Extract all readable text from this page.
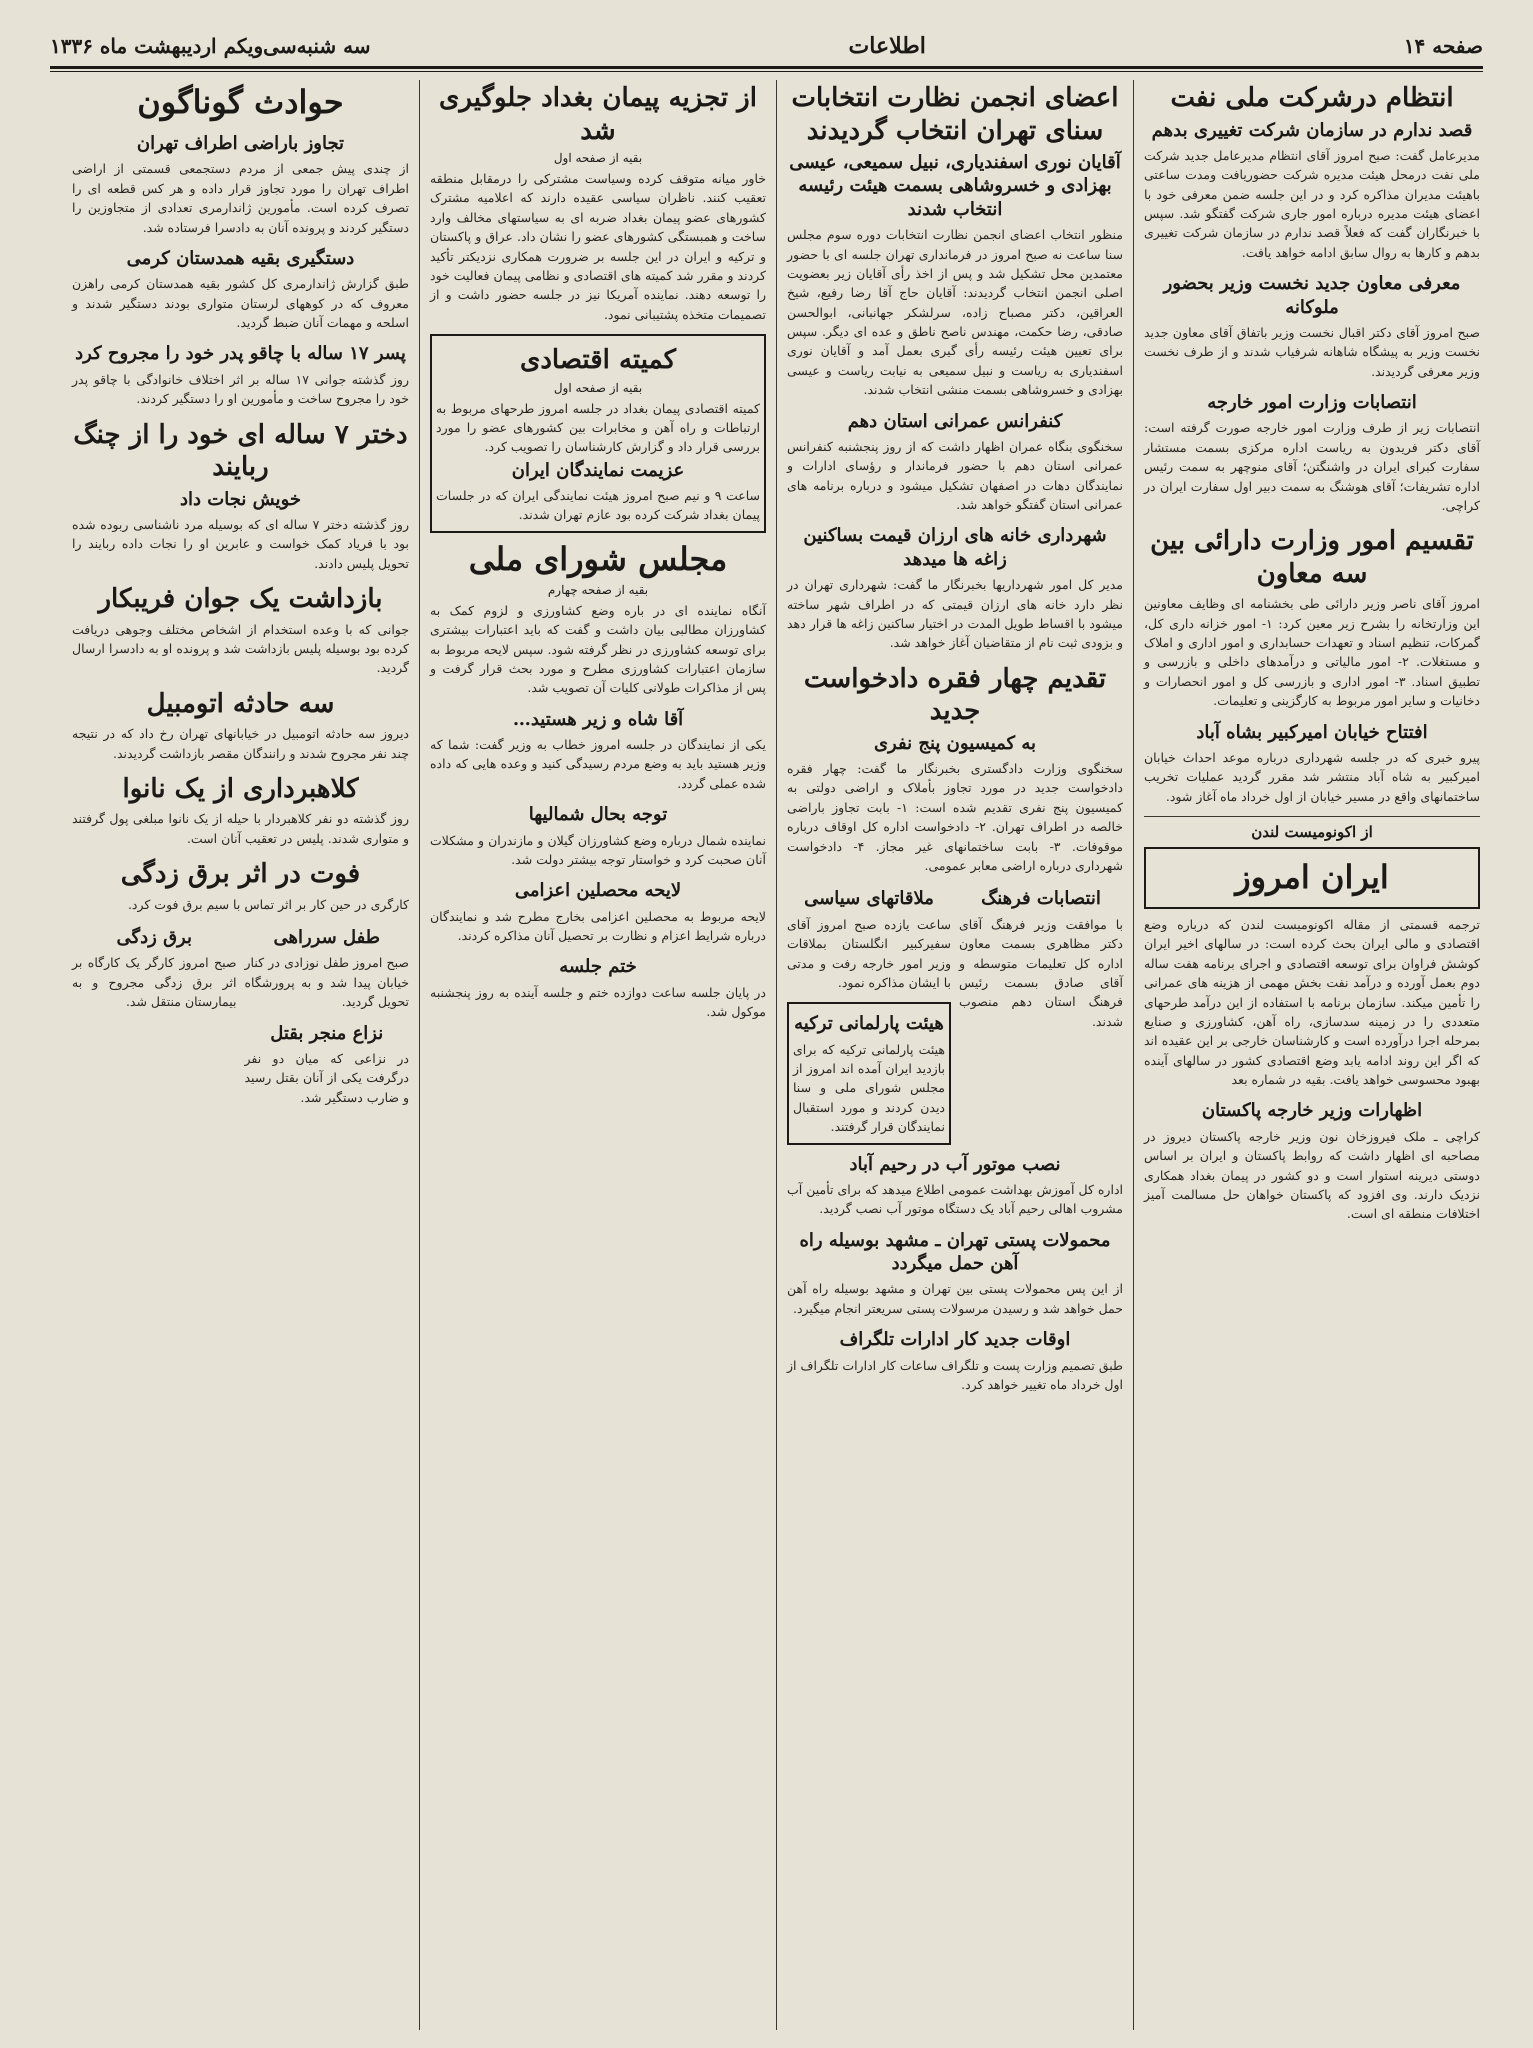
صفحه ۱۴
اطلاعات
سه شنبه‌سی‌ویکم اردیبهشت ماه ۱۳۳۶
انتظام درشرکت ملی نفت
قصد ندارم در سازمان شرکت تغییری بدهم

مدیرعامل گفت: صبح امروز آقای انتظام مدیرعامل جدید شرکت ملی نفت درمحل هیئت مدیره شرکت حضوریافت ومدت ساعتی باهیئت مدیران مذاکره کرد و در این جلسه ضمن معرفی خود با اعضای هیئت مدیره درباره امور جاری شرکت گفتگو شد. سپس با خبرنگاران گفت که فعلاً قصد ندارم در سازمان شرکت تغییری بدهم و کارها به روال سابق ادامه خواهد یافت.

معرفی معاون جدید نخست وزیر بحضور ملوکانه

صبح امروز آقای دکتر اقبال نخست وزیر باتفاق آقای معاون جدید نخست وزیر به پیشگاه شاهانه شرفیاب شدند و از طرف نخست وزیر معرفی گردیدند.

انتصابات وزارت امور خارجه

انتصابات زیر از طرف وزارت امور خارجه صورت گرفته است: آقای دکتر فریدون به ریاست اداره مرکزی بسمت مستشار سفارت کبرای ایران در واشنگتن؛ آقای منوچهر به سمت رئیس اداره تشریفات؛ آقای هوشنگ به سمت دبیر اول سفارت ایران در کراچی.

تقسیم امور وزارت دارائی بین سه معاون

امروز آقای ناصر وزیر دارائی طی بخشنامه ای وظایف معاونین این وزارتخانه را بشرح زیر معین کرد: ۱- امور خزانه داری کل، گمرکات، تنظیم اسناد و تعهدات حسابداری و امور اداری و املاک و مستغلات. ۲- امور مالیاتی و درآمدهای داخلی و بازرسی و تطبیق اسناد. ۳- امور اداری و بازرسی کل و امور انحصارات و دخانیات و سایر امور مربوط به کارگزینی و تعلیمات.

افتتاح خیابان امیرکبیر بشاه آباد

پیرو خبری که در جلسه شهرداری درباره موعد احداث خیابان امیرکبیر به شاه آباد منتشر شد مقرر گردید عملیات تخریب ساختمانهای واقع در مسیر خیابان از اول خرداد ماه آغاز شود.

از اکونومیست لندن
ایران امروز

ترجمه قسمتی از مقاله اکونومیست لندن که درباره وضع اقتصادی و مالی ایران بحث کرده است: در سالهای اخیر ایران کوشش فراوان برای توسعه اقتصادی و اجرای برنامه هفت ساله دوم بعمل آورده و درآمد نفت بخش مهمی از هزینه های عمرانی را تأمین میکند. سازمان برنامه با استفاده از این درآمد طرحهای متعددی را در زمینه سدسازی، راه آهن، کشاورزی و صنایع بمرحله اجرا درآورده است و کارشناسان خارجی بر این عقیده اند که اگر این روند ادامه یابد وضع اقتصادی کشور در سالهای آینده بهبود محسوسی خواهد یافت. بقیه در شماره بعد

اظهارات وزیر خارجه پاکستان

کراچی ـ ملک فیروزخان نون وزیر خارجه پاکستان دیروز در مصاحبه ای اظهار داشت که روابط پاکستان و ایران بر اساس دوستی دیرینه استوار است و دو کشور در پیمان بغداد همکاری نزدیک دارند. وی افزود که پاکستان خواهان حل مسالمت آمیز اختلافات منطقه ای است.

اعضای انجمن نظارت انتخابات سنای تهران انتخاب گردیدند
آقایان نوری اسفندیاری، نبیل سمیعی، عیسی بهزادی و خسروشاهی بسمت هیئت رئیسه انتخاب شدند

منظور انتخاب اعضای انجمن نظارت انتخابات دوره سوم مجلس سنا ساعت نه صبح امروز در فرمانداری تهران جلسه ای با حضور معتمدین محل تشکیل شد و پس از اخذ رأی آقایان زیر بعضویت اصلی انجمن انتخاب گردیدند: آقایان حاج آقا رضا رفیع، شیخ العراقین، دکتر مصباح زاده، سرلشکر جهانبانی، ابوالحسن صادقی، رضا حکمت، مهندس ناصح ناطق و عده ای دیگر. سپس برای تعیین هیئت رئیسه رأی گیری بعمل آمد و آقایان نوری اسفندیاری به ریاست و نبیل سمیعی به نیابت ریاست و عیسی بهزادی و خسروشاهی بسمت منشی انتخاب شدند.

کنفرانس عمرانی استان دهم

سخنگوی بنگاه عمران اظهار داشت که از روز پنجشنبه کنفرانس عمرانی استان دهم با حضور فرماندار و رؤسای ادارات و نمایندگان دهات در اصفهان تشکیل میشود و درباره برنامه های عمرانی استان گفتگو خواهد شد.

شهرداری خانه های ارزان قیمت بساکنین زاغه ها میدهد

مدیر کل امور شهرداریها بخبرنگار ما گفت: شهرداری تهران در نظر دارد خانه های ارزان قیمتی که در اطراف شهر ساخته میشود با اقساط طویل المدت در اختیار ساکنین زاغه ها قرار دهد و بزودی ثبت نام از متقاضیان آغاز خواهد شد.

تقدیم چهار فقره دادخواست جدید
به کمیسیون پنج نفری

سخنگوی وزارت دادگستری بخبرنگار ما گفت: چهار فقره دادخواست جدید در مورد تجاوز بأملاک و اراضی دولتی به کمیسیون پنج نفری تقدیم شده است: ۱- بابت تجاوز باراضی خالصه در اطراف تهران. ۲- دادخواست اداره کل اوقاف درباره موقوفات. ۳- بابت ساختمانهای غیر مجاز. ۴- دادخواست شهرداری درباره اراضی معابر عمومی.

انتصابات فرهنگ

با موافقت وزیر فرهنگ آقای دکتر مظاهری بسمت معاون اداره کل تعلیمات متوسطه و آقای صادق بسمت رئیس فرهنگ استان دهم منصوب شدند.

ملاقاتهای سیاسی

ساعت یازده صبح امروز آقای سفیرکبیر انگلستان بملاقات وزیر امور خارجه رفت و مدتی با ایشان مذاکره نمود.

هیئت پارلمانی ترکیه

هیئت پارلمانی ترکیه که برای بازدید ایران آمده اند امروز از مجلس شورای ملی و سنا دیدن کردند و مورد استقبال نمایندگان قرار گرفتند.

نصب موتور آب در رحیم آباد

اداره کل آموزش بهداشت عمومی اطلاع میدهد که برای تأمین آب مشروب اهالی رحیم آباد یک دستگاه موتور آب نصب گردید.

محمولات پستی تهران ـ مشهد بوسیله راه آهن حمل میگردد

از این پس محمولات پستی بین تهران و مشهد بوسیله راه آهن حمل خواهد شد و رسیدن مرسولات پستی سریعتر انجام میگیرد.

اوقات جدید کار ادارات تلگراف

طبق تصمیم وزارت پست و تلگراف ساعات کار ادارات تلگراف از اول خرداد ماه تغییر خواهد کرد.

از تجزیه پیمان بغداد جلوگیری شد
بقیه از صفحه اول

خاور میانه متوقف کرده وسیاست مشترکی را درمقابل منطقه تعقیب کنند. ناظران سیاسی عقیده دارند که اعلامیه مشترک کشورهای عضو پیمان بغداد ضربه ای به سیاستهای مخالف وارد ساخت و همبستگی کشورهای عضو را نشان داد. عراق و پاکستان و ترکیه و ایران در این جلسه بر ضرورت همکاری نزدیکتر تأکید کردند و مقرر شد کمیته های اقتصادی و نظامی پیمان فعالیت خود را توسعه دهند. نماینده آمریکا نیز در جلسه حضور داشت و از تصمیمات متخذه پشتیبانی نمود.

کمیته اقتصادی
بقیه از صفحه اول

کمیته اقتصادی پیمان بغداد در جلسه امروز طرحهای مربوط به ارتباطات و راه آهن و مخابرات بین کشورهای عضو را مورد بررسی قرار داد و گزارش کارشناسان را تصویب کرد.

عزیمت نمایندگان ایران

ساعت ۹ و نیم صبح امروز هیئت نمایندگی ایران که در جلسات پیمان بغداد شرکت کرده بود عازم تهران شدند.

مجلس شورای ملی
بقیه از صفحه چهارم

آنگاه نماینده ای در باره وضع کشاورزی و لزوم کمک به کشاورزان مطالبی بیان داشت و گفت که باید اعتبارات بیشتری برای توسعه کشاورزی در نظر گرفته شود. سپس لایحه مربوط به سازمان اعتبارات کشاورزی مطرح و مورد بحث قرار گرفت و پس از مذاکرات طولانی کلیات آن تصویب شد.

آقا شاه و زیر هستید…

یکی از نمایندگان در جلسه امروز خطاب به وزیر گفت: شما که وزیر هستید باید به وضع مردم رسیدگی کنید و وعده هایی که داده شده عملی گردد.

توجه بحال شمالیها

نماینده شمال درباره وضع کشاورزان گیلان و مازندران و مشکلات آنان صحبت کرد و خواستار توجه بیشتر دولت شد.

لایحه محصلین اعزامی

لایحه مربوط به محصلین اعزامی بخارج مطرح شد و نمایندگان درباره شرایط اعزام و نظارت بر تحصیل آنان مذاکره کردند.

ختم جلسه

در پایان جلسه ساعت دوازده ختم و جلسه آینده به روز پنجشنبه موکول شد.

حوادث گوناگون
تجاوز باراضی اطراف تهران

از چندی پیش جمعی از مردم دستجمعی قسمتی از اراضی اطراف تهران را مورد تجاوز قرار داده و هر کس قطعه ای را تصرف کرده است. مأمورین ژاندارمری تعدادی از متجاوزین را دستگیر کردند و پرونده آنان به دادسرا فرستاده شد.

دستگیری بقیه همدستان کرمی

طبق گزارش ژاندارمری کل کشور بقیه همدستان کرمی راهزن معروف که در کوههای لرستان متواری بودند دستگیر شدند و اسلحه و مهمات آنان ضبط گردید.

پسر ۱۷ ساله با چاقو پدر خود را مجروح کرد

روز گذشته جوانی ۱۷ ساله بر اثر اختلاف خانوادگی با چاقو پدر خود را مجروح ساخت و مأمورین او را دستگیر کردند.

دختر ۷ ساله ای خود را از چنگ ربایند
خویش نجات داد

روز گذشته دختر ۷ ساله ای که بوسیله مرد ناشناسی ربوده شده بود با فریاد کمک خواست و عابرین او را نجات داده ربایند را تحویل پلیس دادند.

بازداشت یک جوان فریبکار

جوانی که با وعده استخدام از اشخاص مختلف وجوهی دریافت کرده بود بوسیله پلیس بازداشت شد و پرونده او به دادسرا ارسال گردید.

سه حادثه اتومبیل

دیروز سه حادثه اتومبیل در خیابانهای تهران رخ داد که در نتیجه چند نفر مجروح شدند و رانندگان مقصر بازداشت گردیدند.

کلاهبرداری از یک نانوا

روز گذشته دو نفر کلاهبردار با حیله از یک نانوا مبلغی پول گرفتند و متواری شدند. پلیس در تعقیب آنان است.

فوت در اثر برق زدگی

کارگری در حین کار بر اثر تماس با سیم برق فوت کرد.

طفل سرراهی

صبح امروز طفل نوزادی در کنار خیابان پیدا شد و به پرورشگاه تحویل گردید.

نزاع منجر بقتل

در نزاعی که میان دو نفر درگرفت یکی از آنان بقتل رسید و ضارب دستگیر شد.

برق زدگی

صبح امروز کارگر یک کارگاه بر اثر برق زدگی مجروح و به بیمارستان منتقل شد.
